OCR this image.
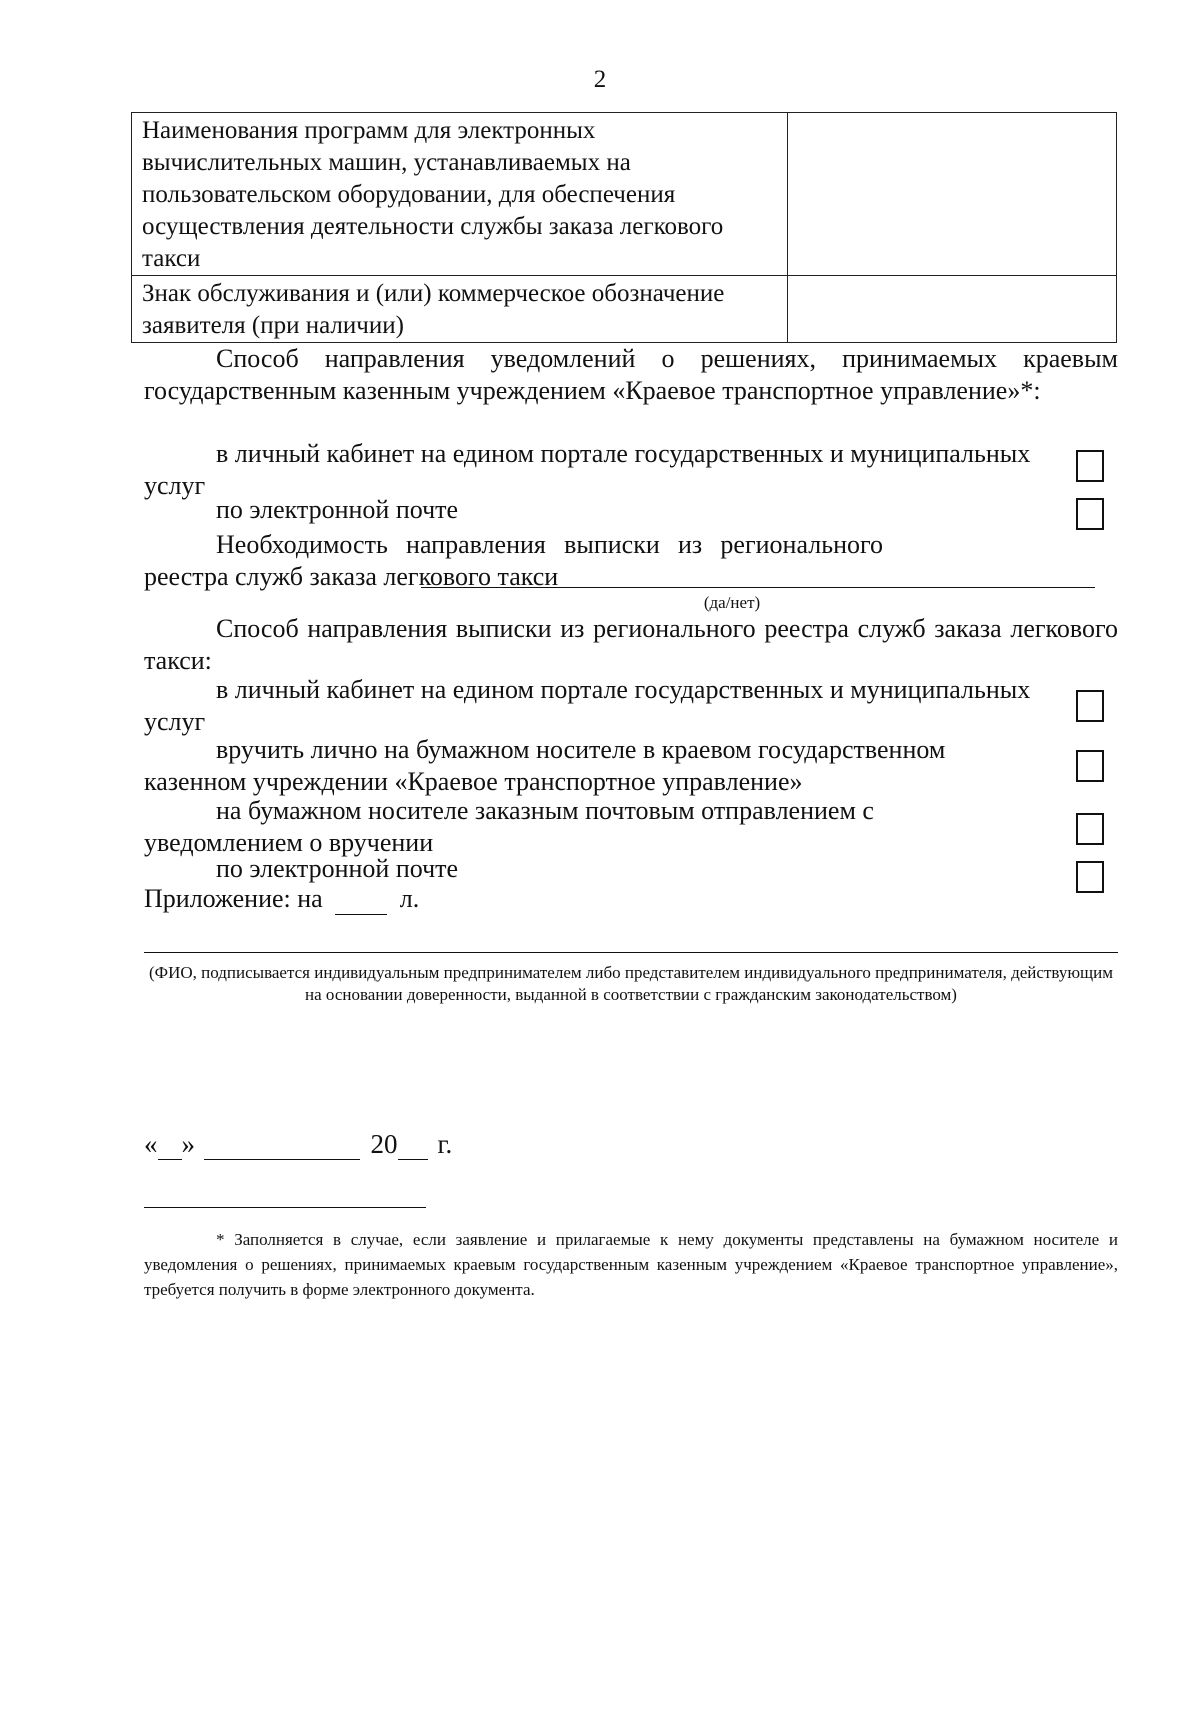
2
Наименования программ для электронных вычислительных машин, устанавливаемых на пользовательском оборудовании, для обеспечения осуществления деятельности службы заказа легкового такси	
Знак обслуживания и (или) коммерческое обозначение заявителя (при наличии)	
Способ направления уведомлений о решениях, принимаемых краевым государственным казенным учреждением «Краевое транспортное управление»*:
в личный кабинет на едином портале государственных и муниципальных услуг
по электронной почте
Необходимость направления выписки из регионального реестра служб заказа легкового такси
(да/нет)
Способ направления выписки из регионального реестра служб заказа легкового такси:
в личный кабинет на едином портале государственных и муниципальных услуг
вручить лично на бумажном носителе в краевом государственном казенном учреждении «Краевое транспортное управление»
на бумажном носителе заказным почтовым отправлением с уведомлением о вручении
по электронной почте
Приложение: на	л.
(ФИО, подписывается индивидуальным предпринимателем либо представителем индивидуального предпринимателя, действующим на основании доверенности, выданной в соответствии с гражданским законодательством)
« »	20 г.
* Заполняется в случае, если заявление и прилагаемые к нему документы представлены на бумажном носителе и уведомления о решениях, принимаемых краевым государственным казенным учреждением «Краевое транспортное управление», требуется получить в форме электронного документа.
